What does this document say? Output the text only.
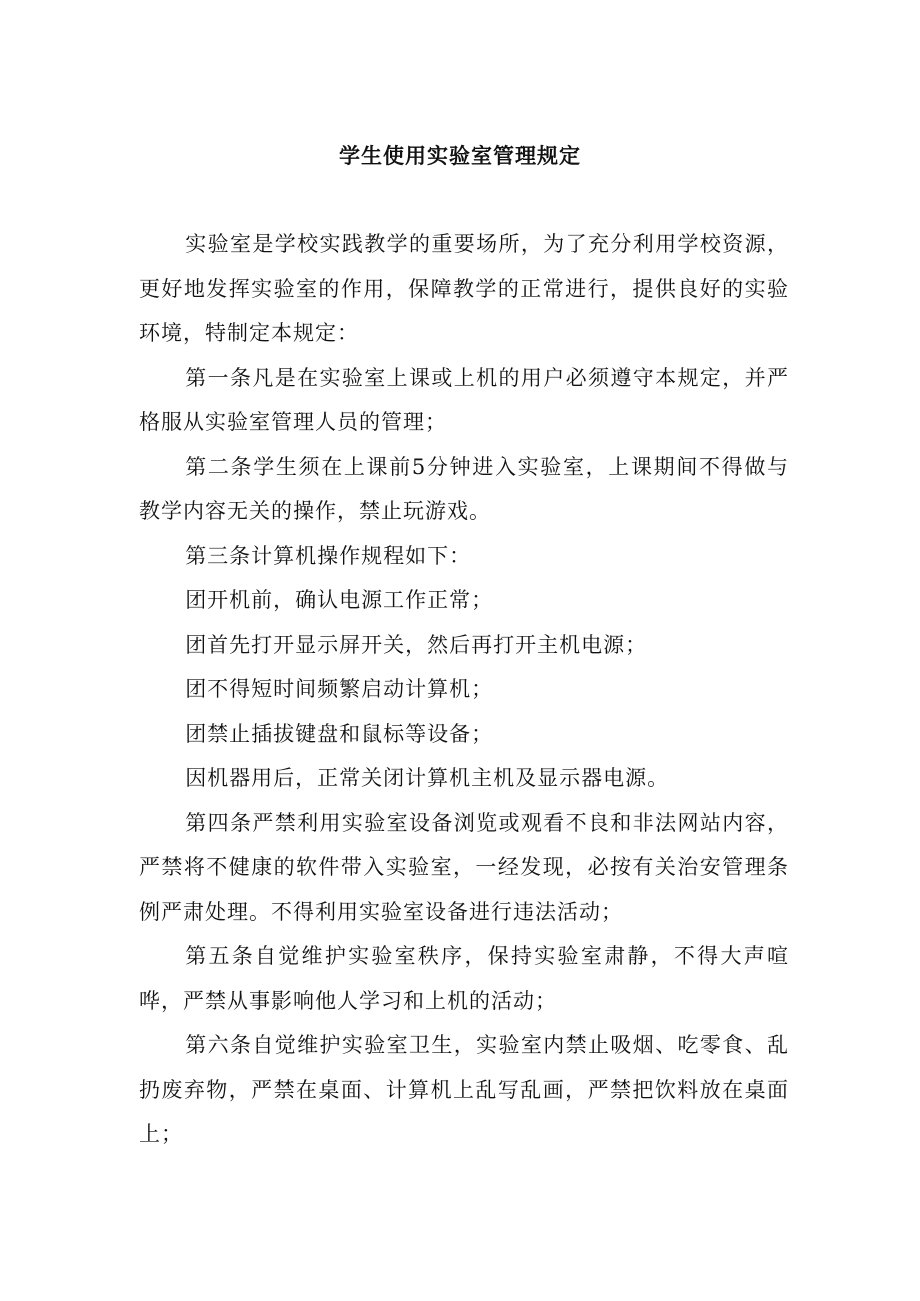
学生使用实验室管理规定

实验室是学校实践教学的重要场所，为了充分利用学校资源，更好地发挥实验室的作用，保障教学的正常进行，提供良好的实验环境，特制定本规定：

第一条凡是在实验室上课或上机的用户必须遵守本规定，并严格服从实验室管理人员的管理；

第二条学生须在上课前5分钟进入实验室，上课期间不得做与教学内容无关的操作，禁止玩游戏。

第三条计算机操作规程如下：

团开机前，确认电源工作正常；

团首先打开显示屏开关，然后再打开主机电源；

团不得短时间频繁启动计算机；

团禁止插拔键盘和鼠标等设备；

因机器用后，正常关闭计算机主机及显示器电源。

第四条严禁利用实验室设备浏览或观看不良和非法网站内容，严禁将不健康的软件带入实验室，一经发现，必按有关治安管理条例严肃处理。不得利用实验室设备进行违法活动；

第五条自觉维护实验室秩序，保持实验室肃静，不得大声喧哗，严禁从事影响他人学习和上机的活动；

第六条自觉维护实验室卫生，实验室内禁止吸烟、吃零食、乱扔废弃物，严禁在桌面、计算机上乱写乱画，严禁把饮料放在桌面上；
